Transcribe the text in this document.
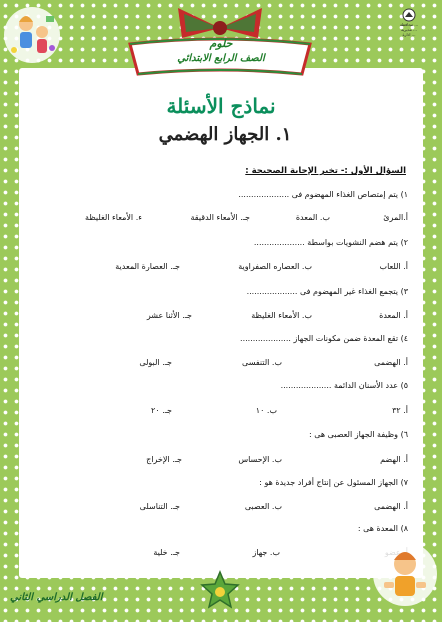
محافظة ...
مديرية ...
ادارة ...
حلوم
الصف الرابع الابتدائي
نماذج الأسئلة
١. الجهاز الهضمي
السؤال الأول :- تخير الإجابة الصحيحة :
١) يتم إمتصاص الغذاء المهضوم فى ....................
أ.المرئ
ب. المعدة
جـ. الأمعاء الدقيقة
ء. الأمعاء الغليظة
٢) يتم هضم النشويات بواسطة ....................
أ. اللعاب
ب. العصاره الصفراوية
جـ. العصارة المعدية
٣) يتجمع الغذاء غير المهضوم فى ....................
أ. المعدة
ب. الأمعاء الغليظة
جـ. الأثنا عشر
٤) تقع المعدة ضمن مكونات الجهاز ....................
أ. الهضمى
ب. التنفسى
جـ. البولى
٥) عدد الأسنان الدائمة ....................
أ. ٣٢
ب. ١٠
جـ. ٢٠
٦) وظيفة الجهاز العصبى هى :
أ. الهضم
ب. الإحساس
جـ. الإخراج
٧) الجهاز المسئول عن إنتاج أفراد جديدة هو :
أ. الهضمى
ب. العصبى
جـ. التناسلى
٨) المعدة هى :
ب. جهاز
جـ. خلية
الفصل الدراسي الثاني
